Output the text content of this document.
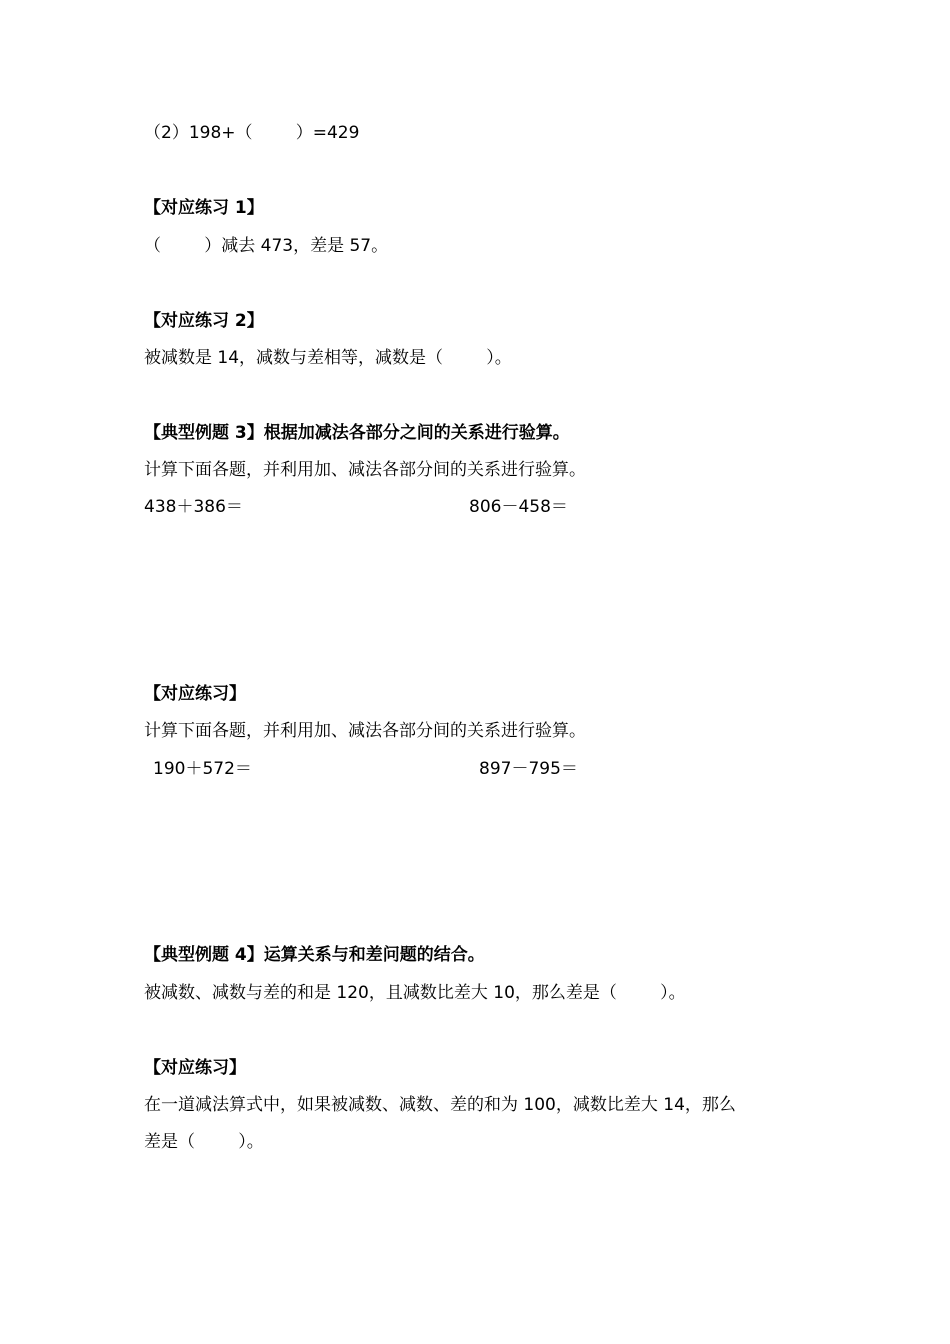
（2）198+（        ）=429
【对应练习 1】
（        ）减去 473，差是 57。
【对应练习 2】
被减数是 14，减数与差相等，减数是（        ）。
【典型例题 3】根据加减法各部分之间的关系进行验算。
计算下面各题，并利用加、减法各部分间的关系进行验算。
438＋386＝	806－458＝
【对应练习】
计算下面各题，并利用加、减法各部分间的关系进行验算。
190＋572＝	897－795＝
【典型例题 4】运算关系与和差问题的结合。
被减数、减数与差的和是 120，且减数比差大 10，那么差是（        ）。
【对应练习】
在一道减法算式中，如果被减数、减数、差的和为 100，减数比差大 14，那么
差是（        ）。
